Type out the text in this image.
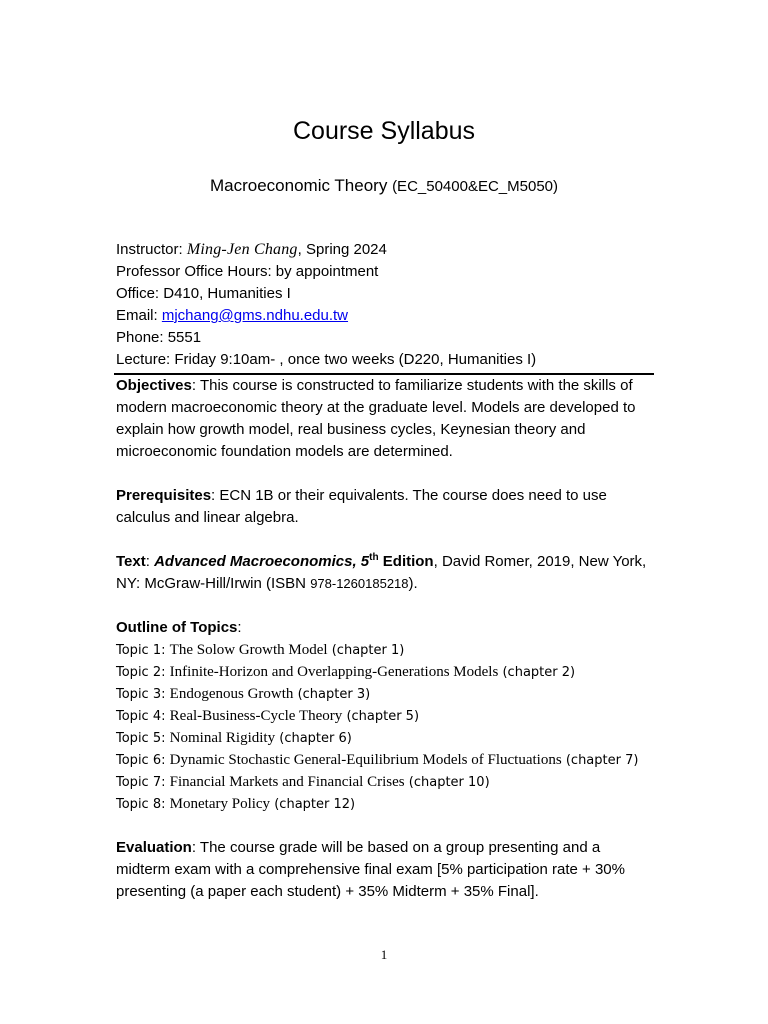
Course Syllabus
Macroeconomic Theory (EC_50400&EC_M5050)
Instructor: Ming-Jen Chang, Spring 2024
Professor Office Hours: by appointment
Office: D410, Humanities I
Email: mjchang@gms.ndhu.edu.tw
Phone: 5551
Lecture: Friday 9:10am- , once two weeks (D220, Humanities I)

Objectives: This course is constructed to familiarize students with the skills of modern macroeconomic theory at the graduate level. Models are developed to explain how growth model, real business cycles, Keynesian theory and microeconomic foundation models are determined.

Prerequisites: ECN 1B or their equivalents. The course does need to use calculus and linear algebra.

Text: Advanced Macroeconomics, 5th Edition, David Romer, 2019, New York, NY: McGraw-Hill/Irwin (ISBN 978-1260185218).

Outline of Topics:
Topic 1: The Solow Growth Model (chapter 1)
Topic 2: Infinite-Horizon and Overlapping-Generations Models (chapter 2)
Topic 3: Endogenous Growth (chapter 3)
Topic 4: Real-Business-Cycle Theory (chapter 5)
Topic 5: Nominal Rigidity (chapter 6)
Topic 6: Dynamic Stochastic General-Equilibrium Models of Fluctuations (chapter 7)
Topic 7: Financial Markets and Financial Crises (chapter 10)
Topic 8: Monetary Policy (chapter 12)

Evaluation: The course grade will be based on a group presenting and a midterm exam with a comprehensive final exam [5% participation rate + 30% presenting (a paper each student) + 35% Midterm + 35% Final].

1
